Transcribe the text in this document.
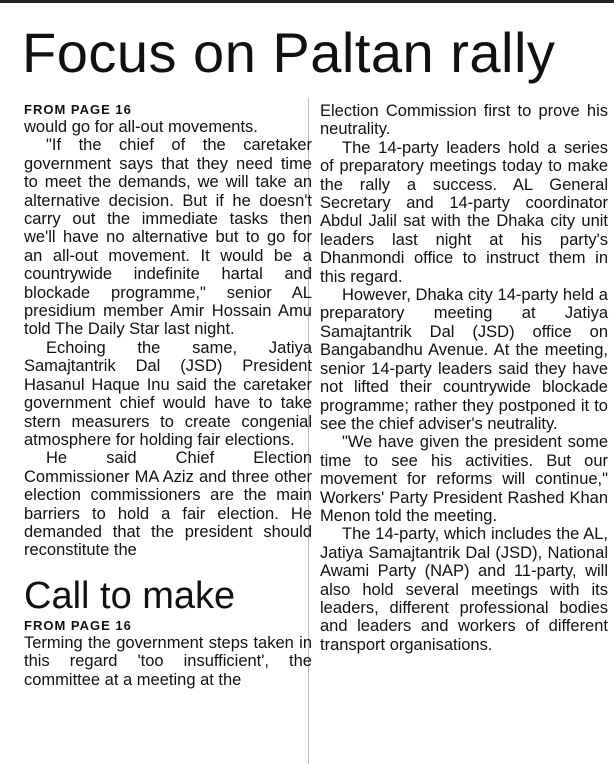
Focus on Paltan rally

FROM PAGE 16

would go for all-out movements.

"If the chief of the caretaker government says that they need time to meet the demands, we will take an alternative decision. But if he doesn't carry out the immediate tasks then we'll have no alternative but to go for an all-out movement. It would be a countrywide indefinite hartal and blockade programme," senior AL presidium member Amir Hossain Amu told The Daily Star last night.

Echoing the same, Jatiya Samajtantrik Dal (JSD) President Hasanul Haque Inu said the caretaker government chief would have to take stern measurers to create congenial atmosphere for holding fair elections.

He said Chief Election Commissioner MA Aziz and three other election commissioners are the main barriers to hold a fair election. He demanded that the president should reconstitute the

Call to make

FROM PAGE 16

Terming the government steps taken in this regard 'too insufficient', the committee at a meeting at the

Election Commission first to prove his neutrality.

The 14-party leaders hold a series of preparatory meetings today to make the rally a success. AL General Secretary and 14-party coordinator Abdul Jalil sat with the Dhaka city unit leaders last night at his party's Dhanmondi office to instruct them in this regard.

However, Dhaka city 14-party held a preparatory meeting at Jatiya Samajtantrik Dal (JSD) office on Bangabandhu Avenue. At the meeting, senior 14-party leaders said they have not lifted their countrywide blockade programme; rather they postponed it to see the chief adviser's neutrality.

"We have given the president some time to see his activities. But our movement for reforms will continue," Workers' Party President Rashed Khan Menon told the meeting.

The 14-party, which includes the AL, Jatiya Samajtantrik Dal (JSD), National Awami Party (NAP) and 11-party, will also hold several meetings with its leaders, different professional bodies and leaders and workers of different transport organisations.
